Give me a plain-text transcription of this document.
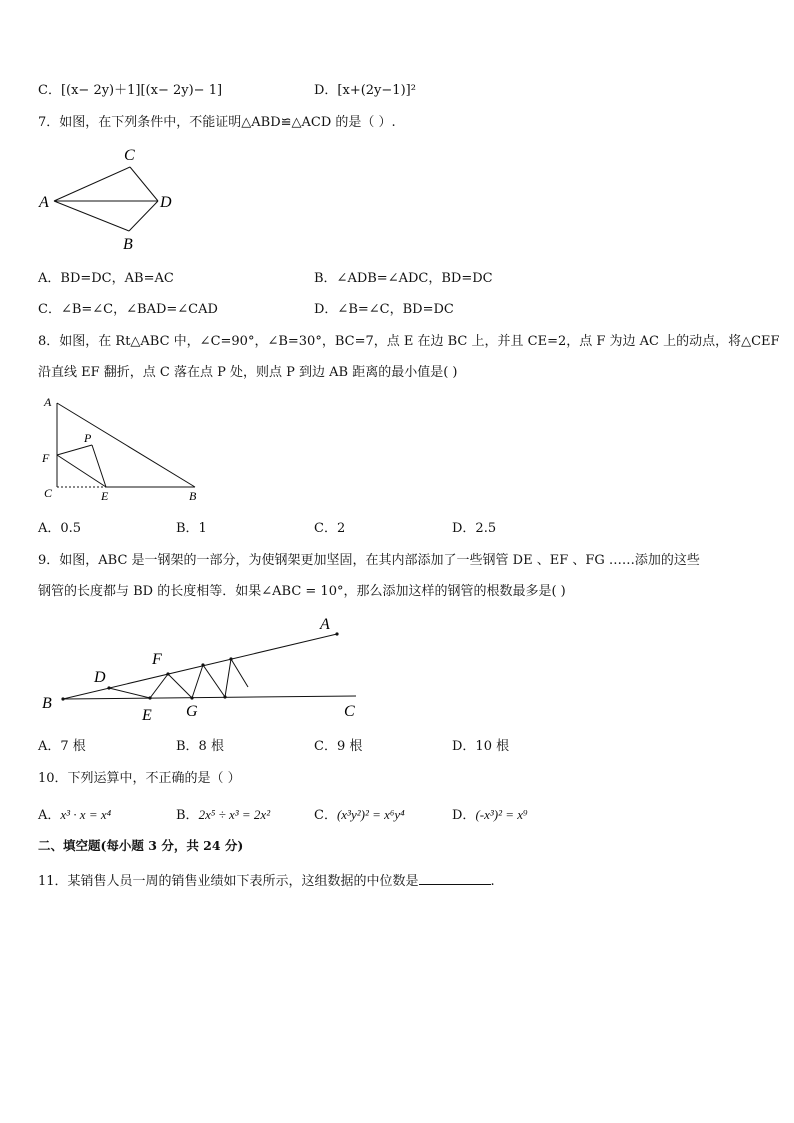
C．[(x− 2y)＋1][(x− 2y)− 1]	D．[x+(2y−1)]²
7．如图，在下列条件中，不能证明△ABD≌△ACD 的是（ ）.
C
A	D
B
A．BD=DC，AB=AC	B．∠ADB=∠ADC，BD=DC
C．∠B=∠C，∠BAD=∠CAD	D．∠B=∠C，BD=DC
8．如图，在 Rt△ABC 中，∠C=90°，∠B=30°，BC=7，点 E 在边 BC 上，并且 CE=2，点 F 为边 AC 上的动点，将△CEF
沿直线 EF 翻折，点 C 落在点 P 处，则点 P 到边 AB 距离的最小值是( )
A
P
F
C	E	B
A．0.5	B．1	C．2	D．2.5
9．如图，ABC 是一钢架的一部分，为使钢架更加坚固，在其内部添加了一些钢管 DE 、EF 、FG ……添加的这些
钢管的长度都与 BD 的长度相等．如果∠ABC = 10°，那么添加这样的钢管的根数最多是( )
A
B	C
D
E
F
G
A．7 根	B．8 根	C．9 根	D．10 根
10．下列运算中，不正确的是（ ）
A．x³ · x = x⁴	B．2x⁵ ÷ x³ = 2x²	C．(x³y²)² = x⁶y⁴	D．(-x³)² = x⁹
二、填空题(每小题 3 分，共 24 分)
11．某销售人员一周的销售业绩如下表所示，这组数据的中位数是	.
